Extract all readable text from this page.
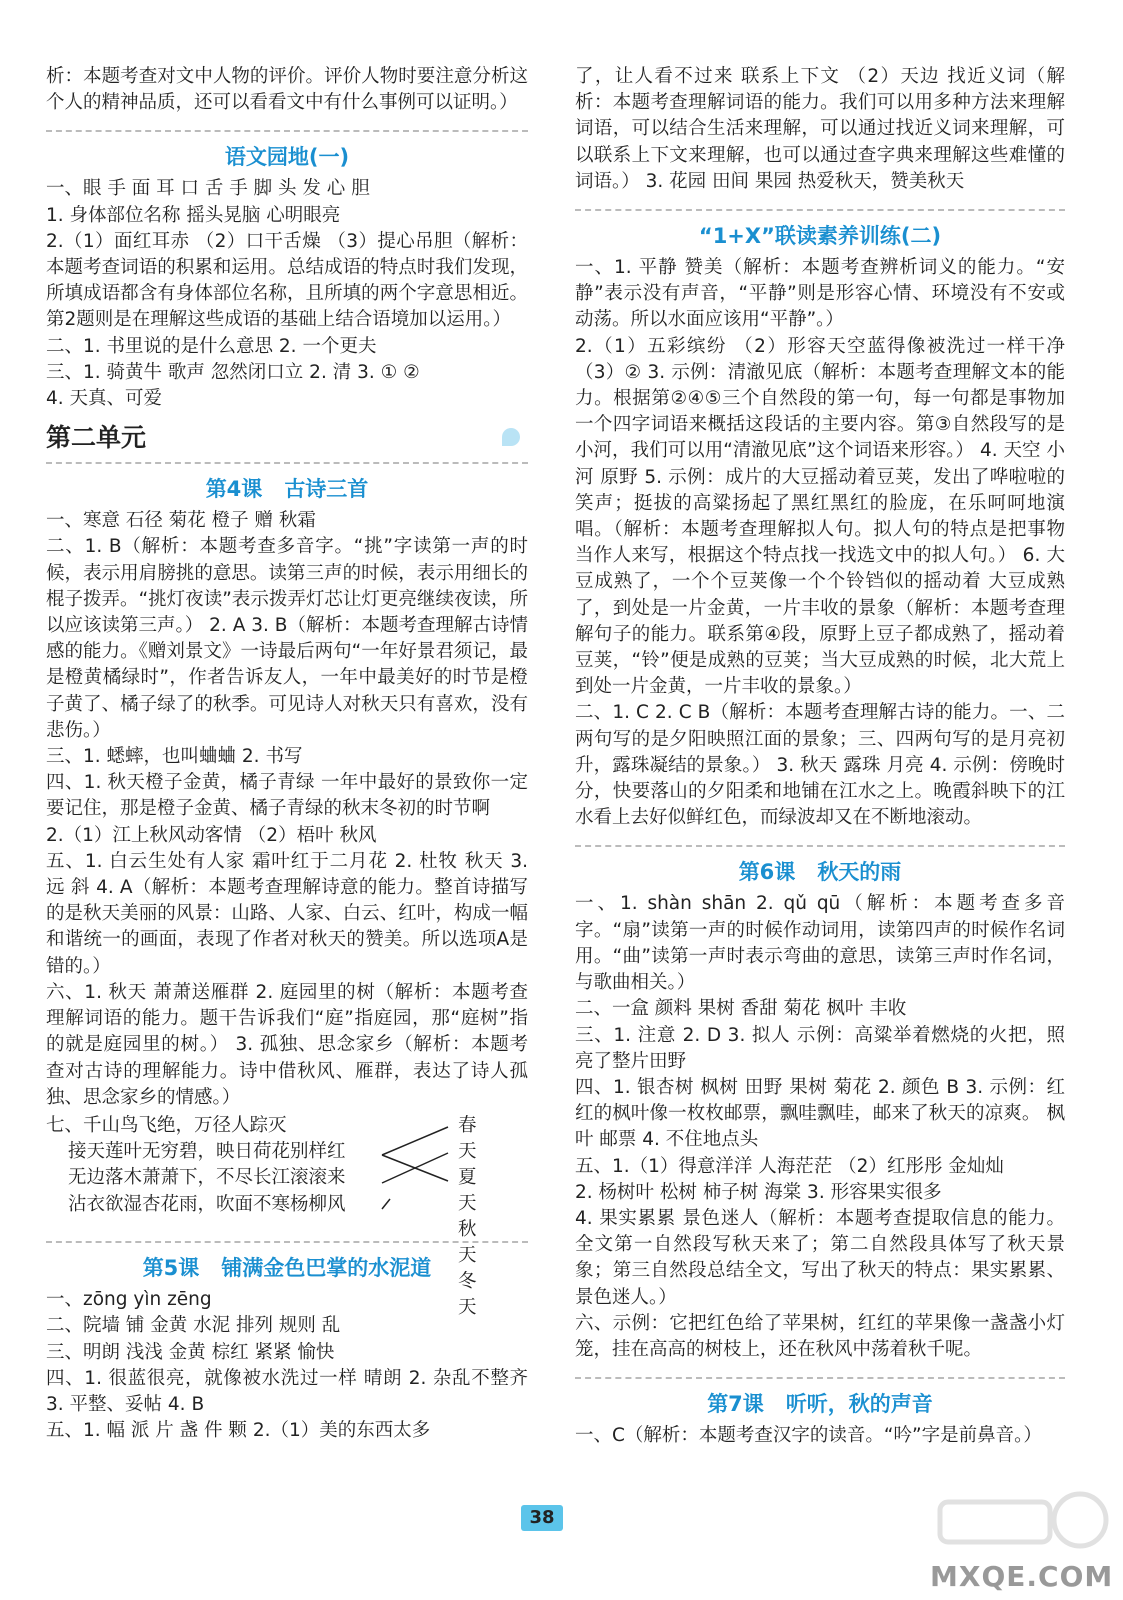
析：本题考查对文中人物的评价。评价人物时要注意分析这个人的精神品质，还可以看看文中有什么事例可以证明。）

语文园地(一)

一、眼 手 面 耳 口 舌 手 脚 头 发 心 胆

1. 身体部位名称 摇头晃脑 心明眼亮

2.（1）面红耳赤 （2）口干舌燥 （3）提心吊胆（解析：本题考查词语的积累和运用。总结成语的特点时我们发现，所填成语都含有身体部位名称，且所填的两个字意思相近。第2题则是在理解这些成语的基础上结合语境加以运用。）

二、1. 书里说的是什么意思 2. 一个更夫

三、1. 骑黄牛 歌声 忽然闭口立 2. 清 3. ① ②

4. 天真、可爱

第二单元
第4课 古诗三首

一、寒意 石径 菊花 橙子 赠 秋霜

二、1. B（解析：本题考查多音字。“挑”字读第一声的时候，表示用肩膀挑的意思。读第三声的时候，表示用细长的棍子拨弄。“挑灯夜读”表示拨弄灯芯让灯更亮继续夜读，所以应该读第三声。） 2. A 3. B（解析：本题考查理解古诗情感的能力。《赠刘景文》一诗最后两句“一年好景君须记，最是橙黄橘绿时”，作者告诉友人，一年中最美好的时节是橙子黄了、橘子绿了的秋季。可见诗人对秋天只有喜欢，没有悲伤。）

三、1. 蟋蟀，也叫蛐蛐 2. 书写

四、1. 秋天橙子金黄，橘子青绿 一年中最好的景致你一定要记住，那是橙子金黄、橘子青绿的秋末冬初的时节啊

2.（1）江上秋风动客情 （2）梧叶 秋风

五、1. 白云生处有人家 霜叶红于二月花 2. 杜牧 秋天 3. 远 斜 4. A（解析：本题考查理解诗意的能力。整首诗描写的是秋天美丽的风景：山路、人家、白云、红叶，构成一幅和谐统一的画面，表现了作者对秋天的赞美。所以选项A是错的。）

六、1. 秋天 萧萧送雁群 2. 庭园里的树（解析：本题考查理解词语的能力。题干告诉我们“庭”指庭园，那“庭树”指的就是庭园里的树。） 3. 孤独、思念家乡（解析：本题考查对古诗的理解能力。诗中借秋风、雁群，表达了诗人孤独、思念家乡的情感。）

七、千山鸟飞绝，万径人踪灭
接天莲叶无穷碧，映日荷花别样红
无边落木萧萧下，不尽长江滚滚来
沾衣欲湿杏花雨，吹面不寒杨柳风
春天
夏天
秋天
冬天
第5课 铺满金色巴掌的水泥道

一、zōng yìn zēng

二、院墙 铺 金黄 水泥 排列 规则 乱

三、明朗 浅浅 金黄 棕红 紧紧 愉快

四、1. 很蓝很亮，就像被水洗过一样 晴朗 2. 杂乱不整齐 3. 平整、妥帖 4. B

五、1. 幅 派 片 盏 件 颗 2.（1）美的东西太多

了，让人看不过来 联系上下文 （2）天边 找近义词（解析：本题考查理解词语的能力。我们可以用多种方法来理解词语，可以结合生活来理解，可以通过找近义词来理解，可以联系上下文来理解，也可以通过查字典来理解这些难懂的词语。） 3. 花园 田间 果园 热爱秋天，赞美秋天

“1+X”联读素养训练(二)

一、1. 平静 赞美（解析：本题考查辨析词义的能力。“安静”表示没有声音，“平静”则是形容心情、环境没有不安或动荡。所以水面应该用“平静”。）

2.（1）五彩缤纷 （2）形容天空蓝得像被洗过一样干净 （3）② 3. 示例：清澈见底（解析：本题考查理解文本的能力。根据第②④⑤三个自然段的第一句，每一句都是事物加一个四字词语来概括这段话的主要内容。第③自然段写的是小河，我们可以用“清澈见底”这个词语来形容。） 4. 天空 小河 原野 5. 示例：成片的大豆摇动着豆荚，发出了哗啦啦的笑声；挺拔的高粱扬起了黑红黑红的脸庞，在乐呵呵地演唱。（解析：本题考查理解拟人句。拟人句的特点是把事物当作人来写，根据这个特点找一找选文中的拟人句。） 6. 大豆成熟了，一个个豆荚像一个个铃铛似的摇动着 大豆成熟了，到处是一片金黄，一片丰收的景象（解析：本题考查理解句子的能力。联系第④段，原野上豆子都成熟了，摇动着豆荚，“铃”便是成熟的豆荚；当大豆成熟的时候，北大荒上到处一片金黄，一片丰收的景象。）

二、1. C 2. C B（解析：本题考查理解古诗的能力。一、二两句写的是夕阳映照江面的景象；三、四两句写的是月亮初升，露珠凝结的景象。） 3. 秋天 露珠 月亮 4. 示例：傍晚时分，快要落山的夕阳柔和地铺在江水之上。晚霞斜映下的江水看上去好似鲜红色，而绿波却又在不断地滚动。

第6课 秋天的雨

一、1. shàn shān 2. qǔ qū（解析：本题考查多音字。“扇”读第一声的时候作动词用，读第四声的时候作名词用。“曲”读第一声时表示弯曲的意思，读第三声时作名词，与歌曲相关。）

二、一盒 颜料 果树 香甜 菊花 枫叶 丰收

三、1. 注意 2. D 3. 拟人 示例：高粱举着燃烧的火把，照亮了整片田野

四、1. 银杏树 枫树 田野 果树 菊花 2. 颜色 B 3. 示例：红红的枫叶像一枚枚邮票，飘哇飘哇，邮来了秋天的凉爽。 枫叶 邮票 4. 不住地点头

五、1.（1）得意洋洋 人海茫茫 （2）红彤彤 金灿灿

2. 杨树叶 松树 柿子树 海棠 3. 形容果实很多

4. 果实累累 景色迷人（解析：本题考查提取信息的能力。全文第一自然段写秋天来了；第二自然段具体写了秋天景象；第三自然段总结全文，写出了秋天的特点：果实累累、景色迷人。）

六、示例：它把红色给了苹果树，红红的苹果像一盏盏小灯笼，挂在高高的树枝上，还在秋风中荡着秋千呢。

第7课 听听，秋的声音

一、C（解析：本题考查汉字的读音。“吟”字是前鼻音。）

38
MXQE.COM
